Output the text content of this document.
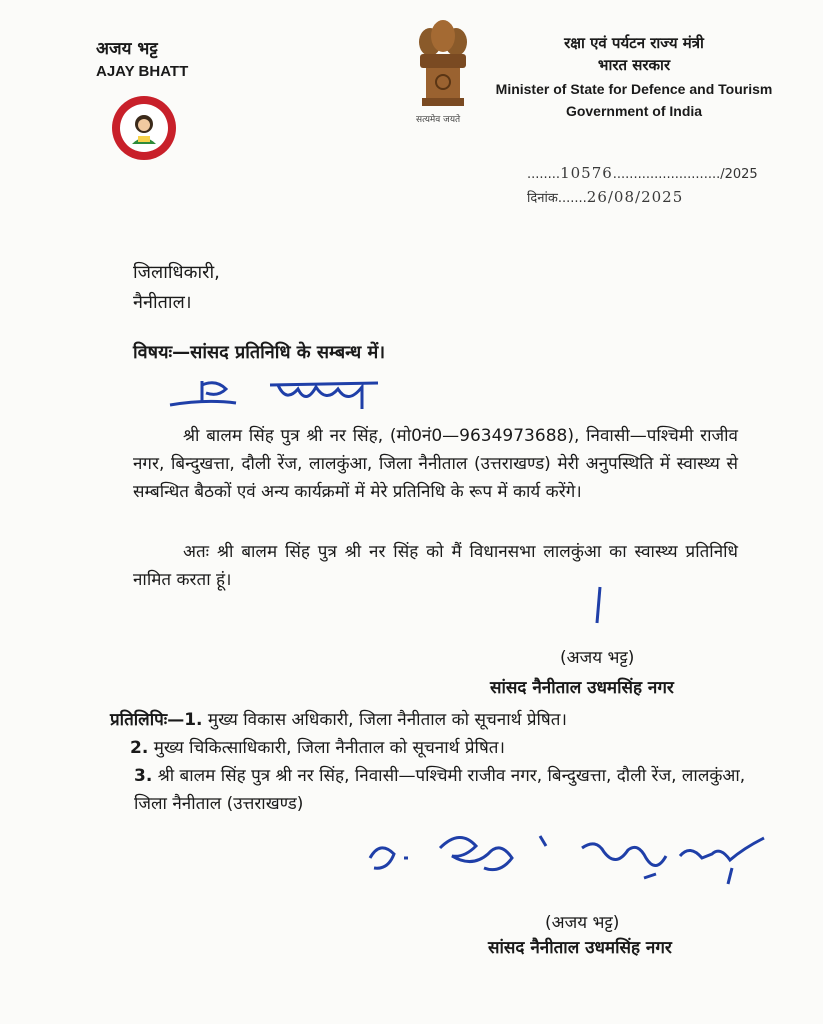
अजय भट्ट
AJAY BHATT
सत्यमेव जयते
रक्षा एवं पर्यटन राज्य मंत्री
भारत सरकार
Minister of State for Defence and Tourism
Government of India
........10576........................../2025
दिनांक.......26/08/2025
जिलाधिकारी,
नैनीताल।
विषयः—सांसद प्रतिनिधि के सम्बन्ध में।
श्री बालम सिंह पुत्र श्री नर सिंह, (मो0नं0—9634973688), निवासी—पश्चिमी राजीव नगर, बिन्दुखत्ता, दौली रेंज, लालकुंआ, जिला नैनीताल (उत्तराखण्ड) मेरी अनुपस्थिति में स्वास्थ्य से सम्बन्धित बैठकों एवं अन्य कार्यक्रमों में मेरे प्रतिनिधि के रूप में कार्य करेंगे।
अतः श्री बालम सिंह पुत्र श्री नर सिंह को मैं विधानसभा लालकुंआ का स्वास्थ्य प्रतिनिधि नामित करता हूं।
(अजय भट्ट)
सांसद नैनीताल उधमसिंह नगर
प्रतिलिपिः—1. मुख्य विकास अधिकारी, जिला नैनीताल को सूचनार्थ प्रेषित।
2. मुख्य चिकित्साधिकारी, जिला नैनीताल को सूचनार्थ प्रेषित।
3. श्री बालम सिंह पुत्र श्री नर सिंह, निवासी—पश्चिमी राजीव नगर, बिन्दुखत्ता, दौली रेंज, लालकुंआ, जिला नैनीताल (उत्तराखण्ड)
(अजय भट्ट)
सांसद नैनीताल उधमसिंह नगर
